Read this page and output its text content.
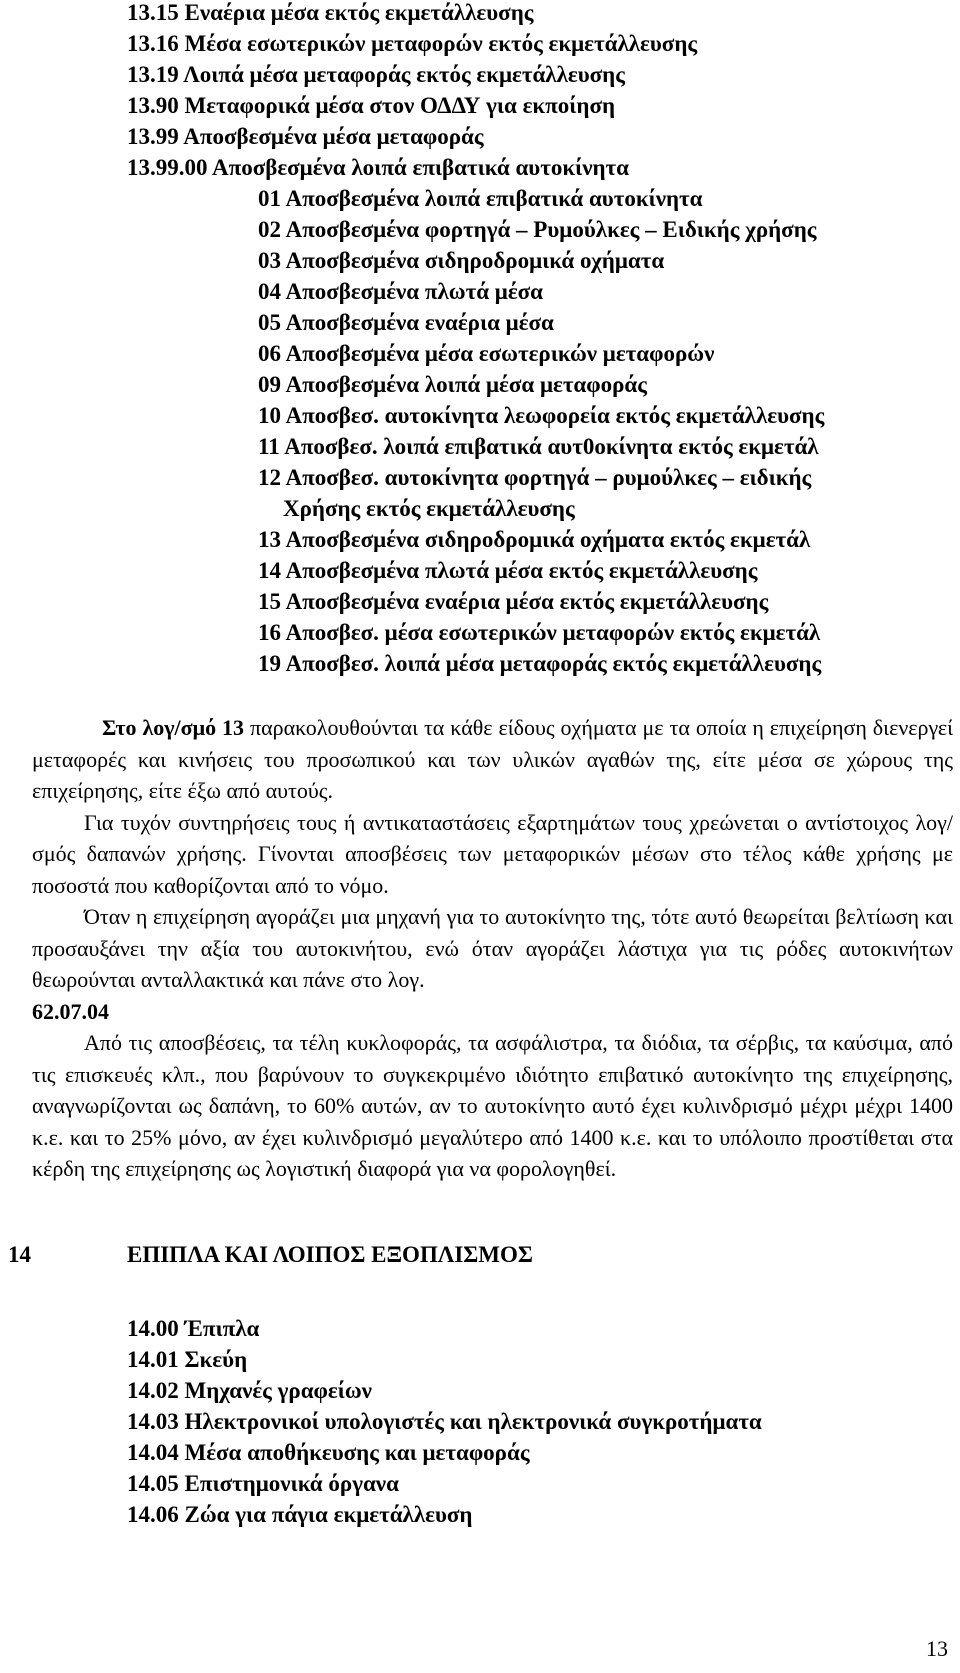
13.15 Εναέρια μέσα εκτός εκμετάλλευσης
13.16 Μέσα εσωτερικών μεταφορών εκτός εκμετάλλευσης
13.19 Λοιπά μέσα μεταφοράς εκτός εκμετάλλευσης
13.90 Μεταφορικά μέσα στον ΟΔΔΥ για εκποίηση
13.99 Αποσβεσμένα μέσα μεταφοράς
13.99.00 Αποσβεσμένα λοιπά επιβατικά αυτοκίνητα
01 Αποσβεσμένα λοιπά επιβατικά αυτοκίνητα
02 Αποσβεσμένα φορτηγά – Ρυμούλκες – Ειδικής χρήσης
03 Αποσβεσμένα σιδηροδρομικά οχήματα
04 Αποσβεσμένα πλωτά μέσα
05 Αποσβεσμένα εναέρια μέσα
06 Αποσβεσμένα μέσα εσωτερικών μεταφορών
09 Αποσβεσμένα λοιπά μέσα μεταφοράς
10 Αποσβεσ. αυτοκίνητα λεωφορεία εκτός εκμετάλλευσης
11 Αποσβεσ. λοιπά επιβατικά αυτ0οκίνητα εκτός εκμετάλ
12 Αποσβεσ. αυτοκίνητα φορτηγά – ρυμούλκες – ειδικής
Χρήσης εκτός εκμετάλλευσης
13 Αποσβεσμένα σιδηροδρομικά οχήματα εκτός εκμετάλ
14 Αποσβεσμένα πλωτά μέσα εκτός εκμετάλλευσης
15 Αποσβεσμένα εναέρια μέσα εκτός εκμετάλλευσης
16 Αποσβεσ. μέσα εσωτερικών μεταφορών εκτός εκμετάλ
19 Αποσβεσ. λοιπά μέσα μεταφοράς εκτός εκμετάλλευσης

Στο λογ/σμό 13 παρακολουθούνται τα κάθε είδους οχήματα με τα οποία η επιχείρηση διενεργεί μεταφορές και κινήσεις του προσωπικού και των υλικών αγαθών της, είτε μέσα σε χώρους της επιχείρησης, είτε έξω από αυτούς.

Για τυχόν συντηρήσεις τους ή αντικαταστάσεις εξαρτημάτων τους χρεώνεται ο αντίστοιχος λογ/σμός δαπανών χρήσης. Γίνονται αποσβέσεις των μεταφορικών μέσων στο τέλος κάθε χρήσης με ποσοστά που καθορίζονται από το νόμο.

Όταν η επιχείρηση αγοράζει μια μηχανή για το αυτοκίνητο της, τότε αυτό θεωρείται βελτίωση και προσαυξάνει την αξία του αυτοκινήτου, ενώ όταν αγοράζει λάστιχα για τις ρόδες αυτοκινήτων θεωρούνται ανταλλακτικά και πάνε στο λογ.
62.07.04

Από τις αποσβέσεις, τα τέλη κυκλοφοράς, τα ασφάλιστρα, τα διόδια, τα σέρβις, τα καύσιμα, από τις επισκευές κλπ., που βαρύνουν το συγκεκριμένο ιδιότητο επιβατικό αυτοκίνητο της επιχείρησης, αναγνωρίζονται ως δαπάνη, το 60% αυτών, αν το αυτοκίνητο αυτό έχει κυλινδρισμό μέχρι μέχρι 1400 κ.ε. και το 25% μόνο, αν έχει κυλινδρισμό μεγαλύτερο από 1400 κ.ε. και το υπόλοιπο προστίθεται στα κέρδη της επιχείρησης ως λογιστική διαφορά για να φορολογηθεί.

14	ΕΠΙΠΛΑ ΚΑΙ ΛΟΙΠΟΣ ΕΞΟΠΛΙΣΜΟΣ
14.00 Έπιπλα
14.01 Σκεύη
14.02 Μηχανές γραφείων
14.03 Ηλεκτρονικοί υπολογιστές και ηλεκτρονικά συγκροτήματα
14.04 Μέσα αποθήκευσης και μεταφοράς
14.05 Επιστημονικά όργανα
14.06 Ζώα για πάγια εκμετάλλευση
13
